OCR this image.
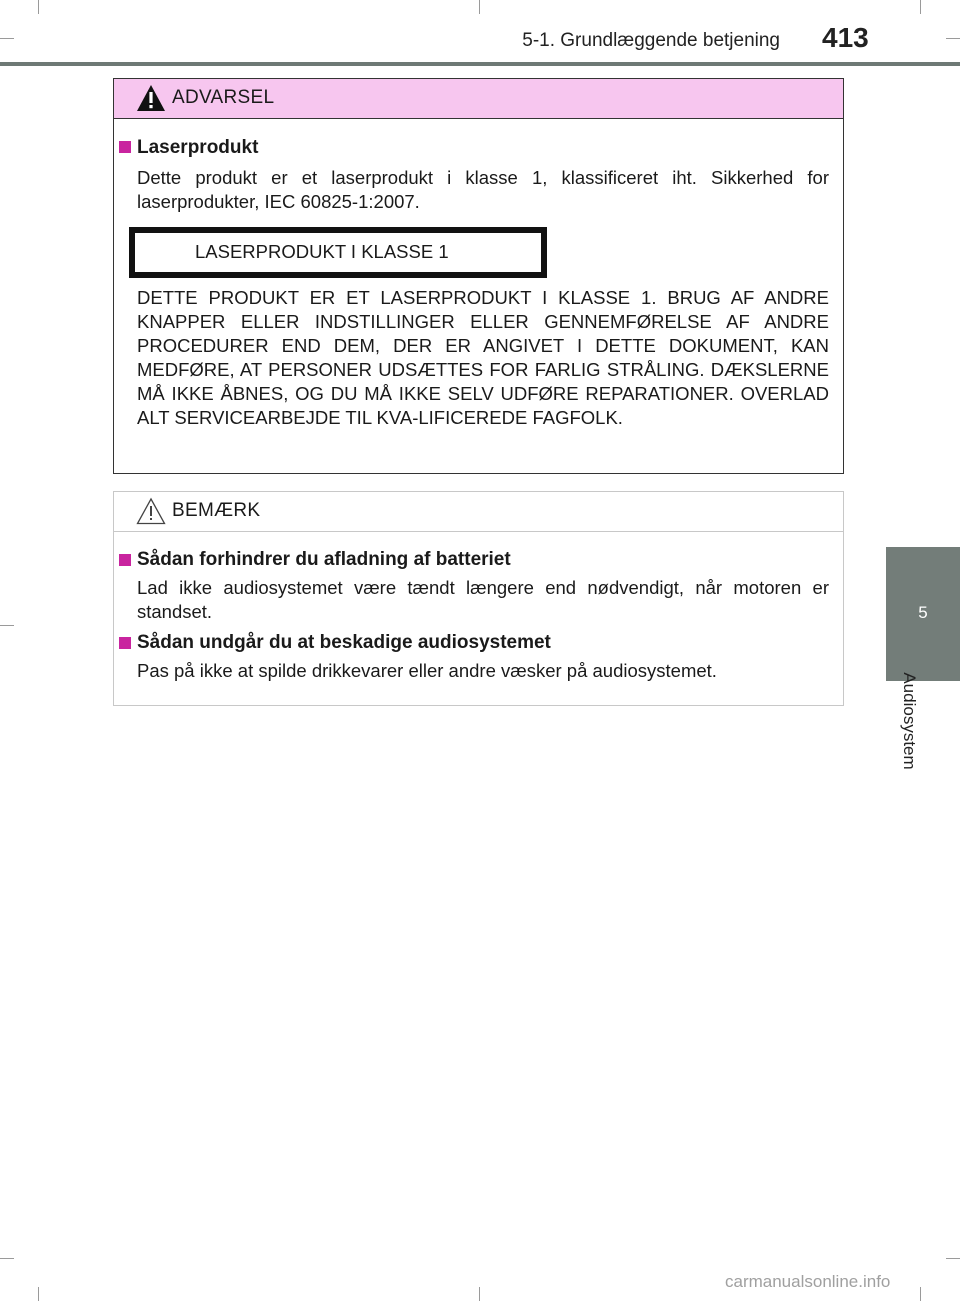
5-1. Grundlæggende betjening 413
5
Audiosystem
ADVARSEL
Laserprodukt
Dette produkt er et laserprodukt i klasse 1, klassificeret iht. Sikkerhed for laserprodukter, IEC 60825-1:2007.
LASERPRODUKT I KLASSE 1
DETTE PRODUKT ER ET LASERPRODUKT I KLASSE 1. BRUG AF ANDRE KNAPPER ELLER INDSTILLINGER ELLER GENNEMFØRELSE AF ANDRE PROCEDURER END DEM, DER ER ANGIVET I DETTE DOKUMENT, KAN MEDFØRE, AT PERSONER UDSÆTTES FOR FARLIG STRÅLING. DÆKSLERNE MÅ IKKE ÅBNES, OG DU MÅ IKKE SELV UDFØRE REPARATIONER. OVERLAD ALT SERVICEARBEJDE TIL KVA-LIFICEREDE FAGFOLK.
BEMÆRK
Sådan forhindrer du afladning af batteriet
Lad ikke audiosystemet være tændt længere end nødvendigt, når motoren er standset.
Sådan undgår du at beskadige audiosystemet
Pas på ikke at spilde drikkevarer eller andre væsker på audiosystemet.
carmanualsonline.info
